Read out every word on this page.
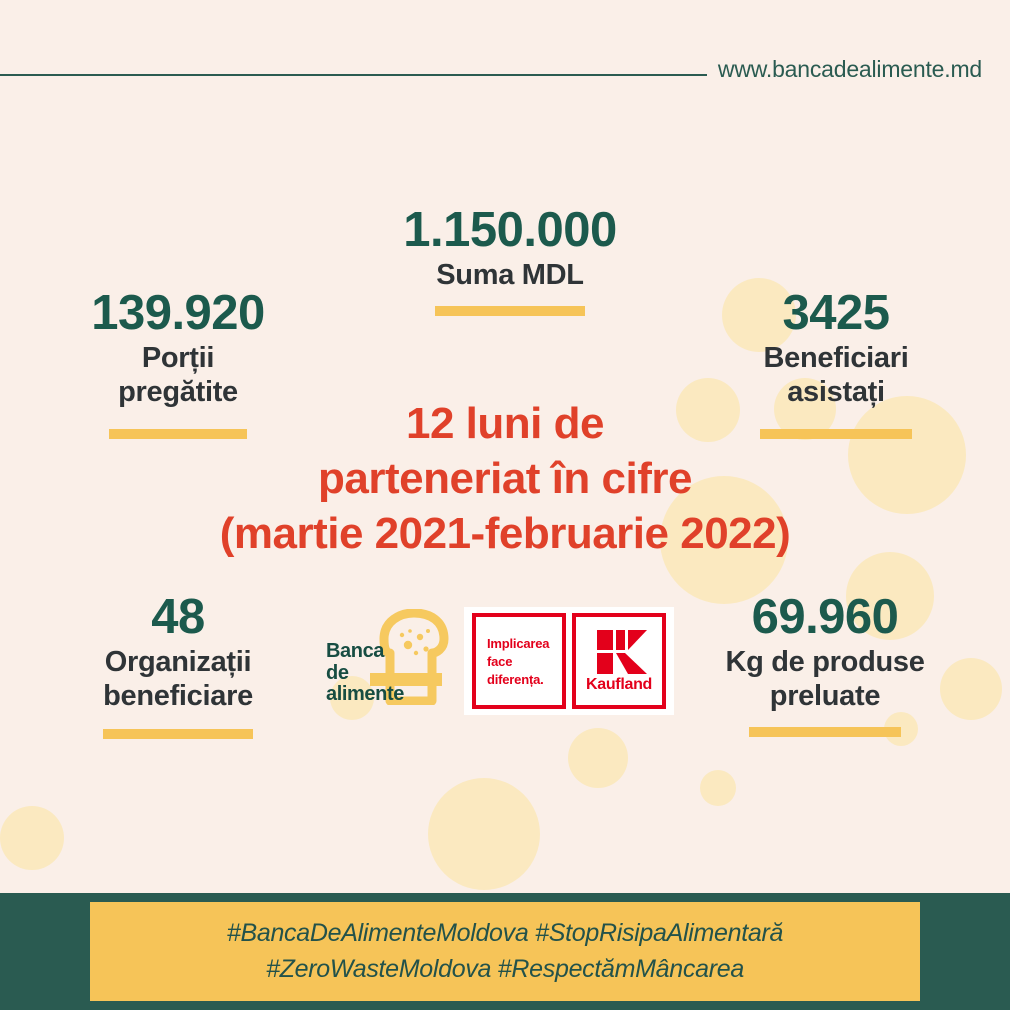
www.bancadealimente.md
1.150.000
Suma MDL
139.920
Porții
pregătite
3425
Beneficiari
asistați
12 luni de
parteneriat în cifre
(martie 2021-februarie 2022)
48
Organizații
beneficiare
69.960
Kg de produse
preluate
Banca
de
alimente
Implicarea
face
diferența.	Kaufland
#BancaDeAlimenteMoldova #StopRisipaAlimentară
#ZeroWasteMoldova #RespectămMâncarea
